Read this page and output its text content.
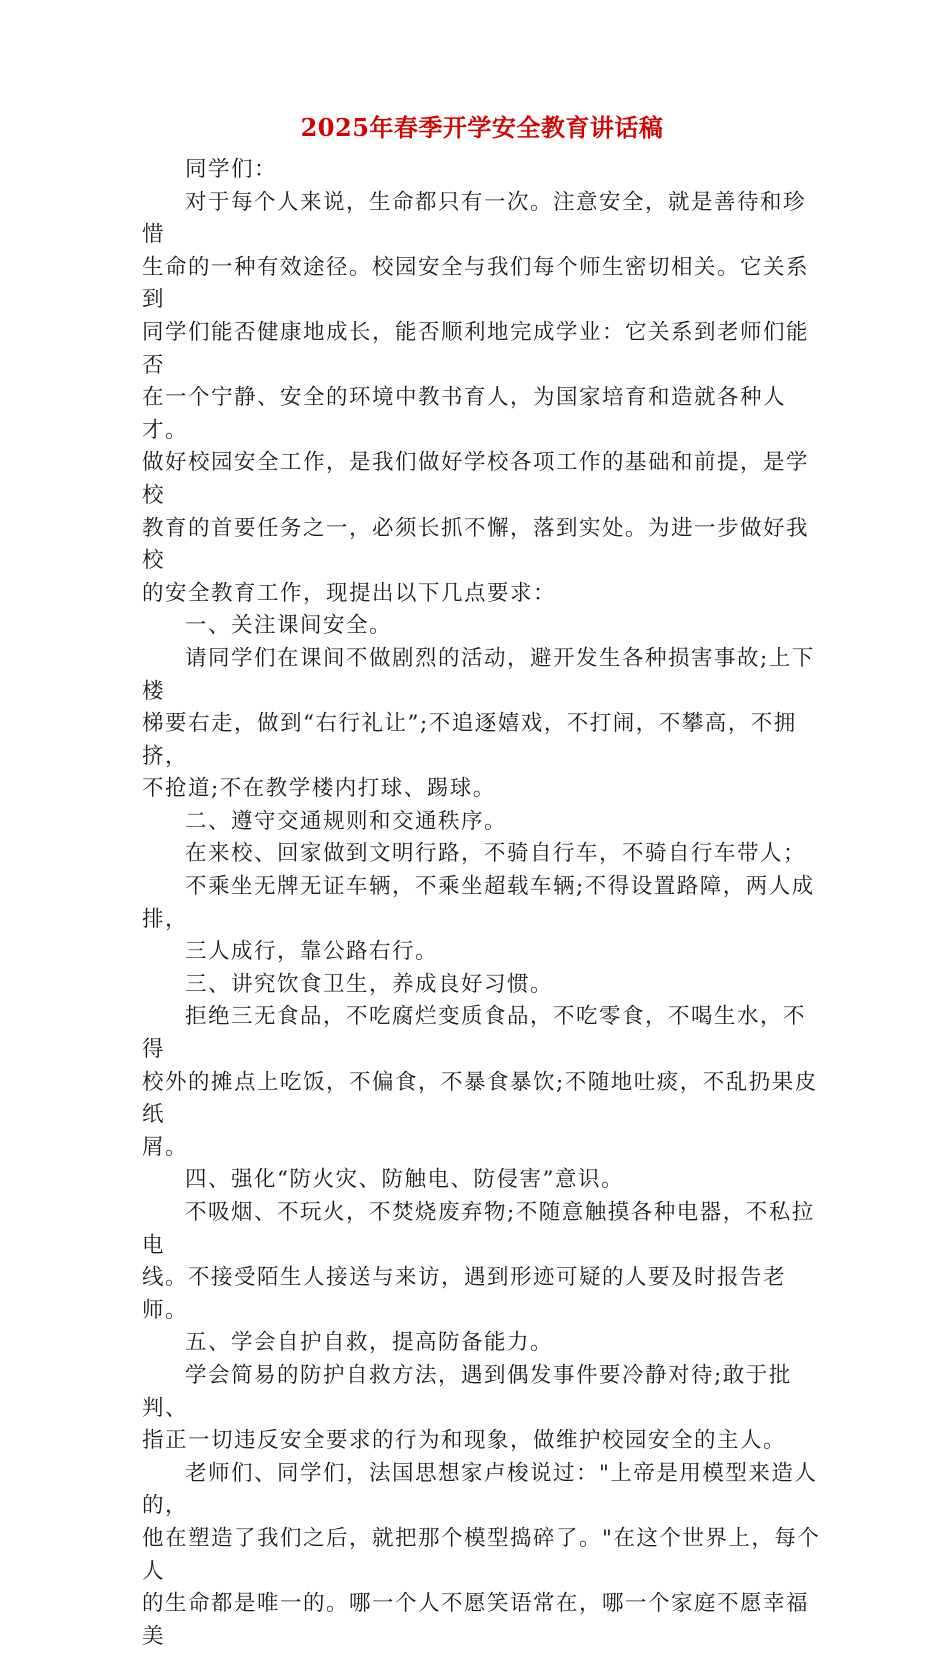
2025年春季开学安全教育讲话稿
同学们：
对于每个人来说，生命都只有一次。注意安全，就是善待和珍惜
生命的一种有效途径。校园安全与我们每个师生密切相关。它关系到
同学们能否健康地成长，能否顺利地完成学业：它关系到老师们能否
在一个宁静、安全的环境中教书育人，为国家培育和造就各种人才。
做好校园安全工作，是我们做好学校各项工作的基础和前提，是学校
教育的首要任务之一，必须长抓不懈，落到实处。为进一步做好我校
的安全教育工作，现提出以下几点要求：
一、关注课间安全。
请同学们在课间不做剧烈的活动，避开发生各种损害事故;上下楼
梯要右走，做到“右行礼让”;不追逐嬉戏，不打闹，不攀高，不拥挤，
不抢道;不在教学楼内打球、踢球。
二、遵守交通规则和交通秩序。
在来校、回家做到文明行路，不骑自行车，不骑自行车带人；
不乘坐无牌无证车辆，不乘坐超载车辆;不得设置路障，两人成排，
三人成行，靠公路右行。
三、讲究饮食卫生，养成良好习惯。
拒绝三无食品，不吃腐烂变质食品，不吃零食，不喝生水，不得
校外的摊点上吃饭，不偏食，不暴食暴饮;不随地吐痰，不乱扔果皮纸
屑。
四、强化“防火灾、防触电、防侵害”意识。
不吸烟、不玩火，不焚烧废弃物;不随意触摸各种电器，不私拉电
线。不接受陌生人接送与来访，遇到形迹可疑的人要及时报告老师。
五、学会自护自救，提高防备能力。
学会简易的防护自救方法，遇到偶发事件要冷静对待;敢于批判、
指正一切违反安全要求的行为和现象，做维护校园安全的主人。
老师们、同学们，法国思想家卢梭说过："上帝是用模型来造人的，
他在塑造了我们之后，就把那个模型捣碎了。"在这个世界上，每个人
的生命都是唯一的。哪一个人不愿笑语常在，哪一个家庭不愿幸福美
